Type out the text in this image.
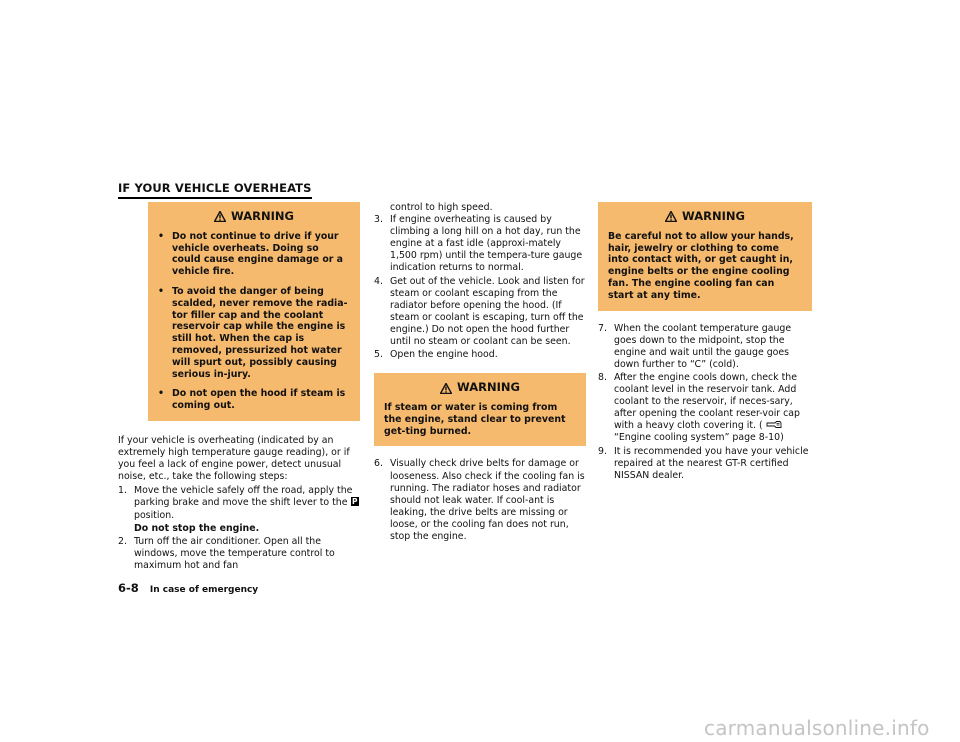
IF YOUR VEHICLE OVERHEATS
WARNING
• Do not continue to drive if your vehicle overheats. Doing so could cause engine damage or a vehicle fire.
• To avoid the danger of being scalded, never remove the radia-tor filler cap and the coolant reservoir cap while the engine is still hot. When the cap is removed, pressurized hot water will spurt out, possibly causing serious in-jury.
• Do not open the hood if steam is coming out.

If your vehicle is overheating (indicated by an extremely high temperature gauge reading), or if you feel a lack of engine power, detect unusual noise, etc., take the following steps:

1. Move the vehicle safely off the road, apply the parking brake and move the shift lever to the P position.
Do not stop the engine.
2. Turn off the air conditioner. Open all the windows, move the temperature control to maximum hot and fan

control to high speed.

3. If engine overheating is caused by climbing a long hill on a hot day, run the engine at a fast idle (approxi-mately 1,500 rpm) until the tempera-ture gauge indication returns to normal.
4. Get out of the vehicle. Look and listen for steam or coolant escaping from the radiator before opening the hood. (If steam or coolant is escaping, turn off the engine.) Do not open the hood further until no steam or coolant can be seen.
5. Open the engine hood.
WARNING

If steam or water is coming from the engine, stand clear to prevent get-ting burned.

6. Visually check drive belts for damage or looseness. Also check if the cooling fan is running. The radiator hoses and radiator should not leak water. If cool-ant is leaking, the drive belts are missing or loose, or the cooling fan does not run, stop the engine.
WARNING

Be careful not to allow your hands, hair, jewelry or clothing to come into contact with, or get caught in, engine belts or the engine cooling fan. The engine cooling fan can start at any time.

7. When the coolant temperature gauge goes down to the midpoint, stop the engine and wait until the gauge goes down further to “C” (cold).
8. After the engine cools down, check the coolant level in the reservoir tank. Add coolant to the reservoir, if neces-sary, after opening the coolant reser-voir cap with a heavy cloth covering it. (  “Engine cooling system” page 8-10)
9. It is recommended you have your vehicle repaired at the nearest GT-R certified NISSAN dealer.
6-8 In case of emergency
carmanualsonline.info
